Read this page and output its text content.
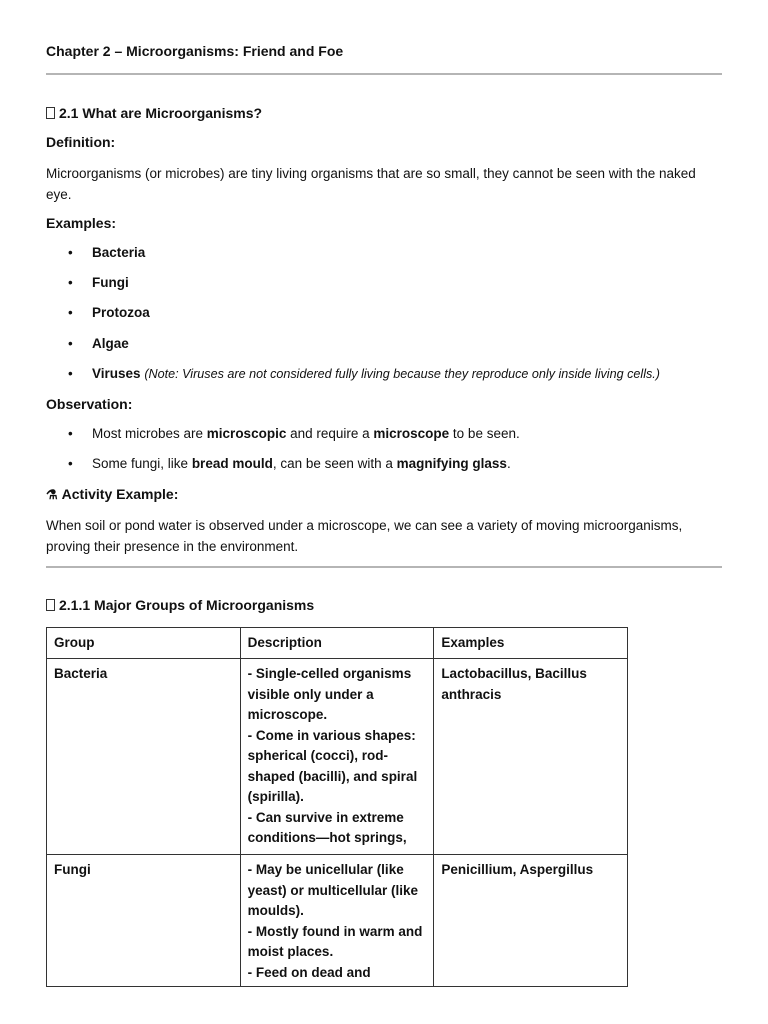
Chapter 2 – Microorganisms: Friend and Foe
2.1 What are Microorganisms?
Definition:
Microorganisms (or microbes) are tiny living organisms that are so small, they cannot be seen with the naked eye.
Examples:
• Bacteria
• Fungi
• Protozoa
• Algae
• Viruses (Note: Viruses are not considered fully living because they reproduce only inside living cells.)
Observation:
• Most microbes are microscopic and require a microscope to be seen.
• Some fungi, like bread mould, can be seen with a magnifying glass.
⚗ Activity Example:
When soil or pond water is observed under a microscope, we can see a variety of moving microorganisms, proving their presence in the environment.
2.1.1 Major Groups of Microorganisms
Group	Description	Examples
Bacteria	- Single-celled organisms visible only under a microscope.
- Come in various shapes: spherical (cocci), rod-shaped (bacilli), and spiral (spirilla).
- Can survive in extreme conditions—hot springs,	Lactobacillus, Bacillus anthracis
Fungi	- May be unicellular (like yeast) or multicellular (like moulds).
- Mostly found in warm and moist places.
- Feed on dead and	Penicillium, Aspergillus
